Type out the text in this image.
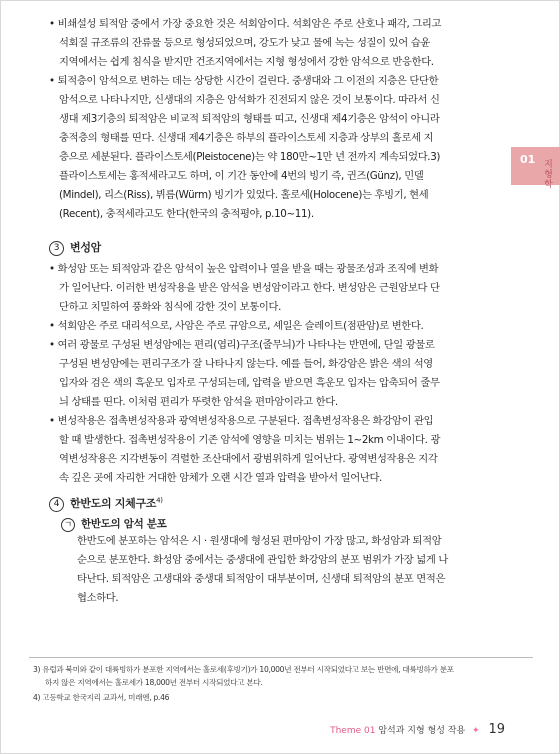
• 비쇄설성 퇴적암 중에서 가장 중요한 것은 석회암이다. 석회암은 주로 산호나 패각, 그리고
석회질 규조류의 잔류물 등으로 형성되었으며, 강도가 낮고 물에 녹는 성질이 있어 습윤
지역에서는 쉽게 침식을 받지만 건조지역에서는 지형 형성에서 강한 암석으로 반응한다.
• 퇴적층이 암석으로 변하는 데는 상당한 시간이 걸린다. 중생대와 그 이전의 지층은 단단한
암석으로 나타나지만, 신생대의 지층은 암석화가 진전되지 않은 것이 보통이다. 따라서 신
생대 제3기층의 퇴적암은 비교적 퇴적암의 형태를 띠고, 신생대 제4기층은 암석이 아니라
충적층의 형태를 띤다. 신생대 제4기층은 하부의 플라이스토세 지층과 상부의 홀로세 지
층으로 세분된다. 플라이스토세(Pleistocene)는 약 180만~1만 년 전까지 계속되었다.3)
플라이스토세는 홍적세라고도 하며, 이 기간 동안에 4번의 빙기 즉, 귄즈(Günz), 민델
(Mindel), 리스(Riss), 뷔름(Würm) 빙기가 있었다. 홀로세(Holocene)는 후빙기, 현세
(Recent), 충적세라고도 한다(한국의 충적평야, p.10~11).
01 지형학
3 변성암
• 화성암 또는 퇴적암과 같은 암석이 높은 압력이나 열을 받을 때는 광물조성과 조직에 변화
가 일어난다. 이러한 변성작용을 받은 암석을 변성암이라고 한다. 변성암은 근원암보다 단
단하고 치밀하여 풍화와 침식에 강한 것이 보통이다.
• 석회암은 주로 대리석으로, 사암은 주로 규암으로, 셰일은 슬레이트(점판암)로 변한다.
• 여러 광물로 구성된 변성암에는 편리(엽리)구조(줄무늬)가 나타나는 반면에, 단일 광물로
구성된 변성암에는 편리구조가 잘 나타나지 않는다. 예를 들어, 화강암은 밝은 색의 석영
입자와 검은 색의 흑운모 입자로 구성되는데, 압력을 받으면 흑운모 입자는 압축되어 줄무
늬 상태를 띤다. 이처럼 편리가 뚜렷한 암석을 편마암이라고 한다.
• 변성작용은 접촉변성작용과 광역변성작용으로 구분된다. 접촉변성작용은 화강암이 관입
할 때 발생한다. 접촉변성작용이 기존 암석에 영향을 미치는 범위는 1~2km 이내이다. 광
역변성작용은 지각변동이 격렬한 조산대에서 광범위하게 일어난다. 광역변성작용은 지각
속 깊은 곳에 자리한 거대한 암체가 오랜 시간 열과 압력을 받아서 일어난다.
4 한반도의 지체구조$^{4)}$
ㄱ 한반도의 암석 분포
한반도에 분포하는 암석은 시 · 원생대에 형성된 편마암이 가장 많고, 화성암과 퇴적암
순으로 분포한다. 화성암 중에서는 중생대에 관입한 화강암의 분포 범위가 가장 넓게 나
타난다. 퇴적암은 고생대와 중생대 퇴적암이 대부분이며, 신생대 퇴적암의 분포 면적은
협소하다.
3) 유럽과 북미와 같이 대륙빙하가 분포한 지역에서는 홀로세(후빙기)가 10,000년 전부터 시작되었다고 보는 반면에, 대륙빙하가 분포
하지 않은 지역에서는 홀로세가 18,000년 전부터 시작되었다고 본다.
4) 고등학교 한국지리 교과서, 미래엔, p.46
Theme 01 암석과 지형 형성 작용 ✦ 19
